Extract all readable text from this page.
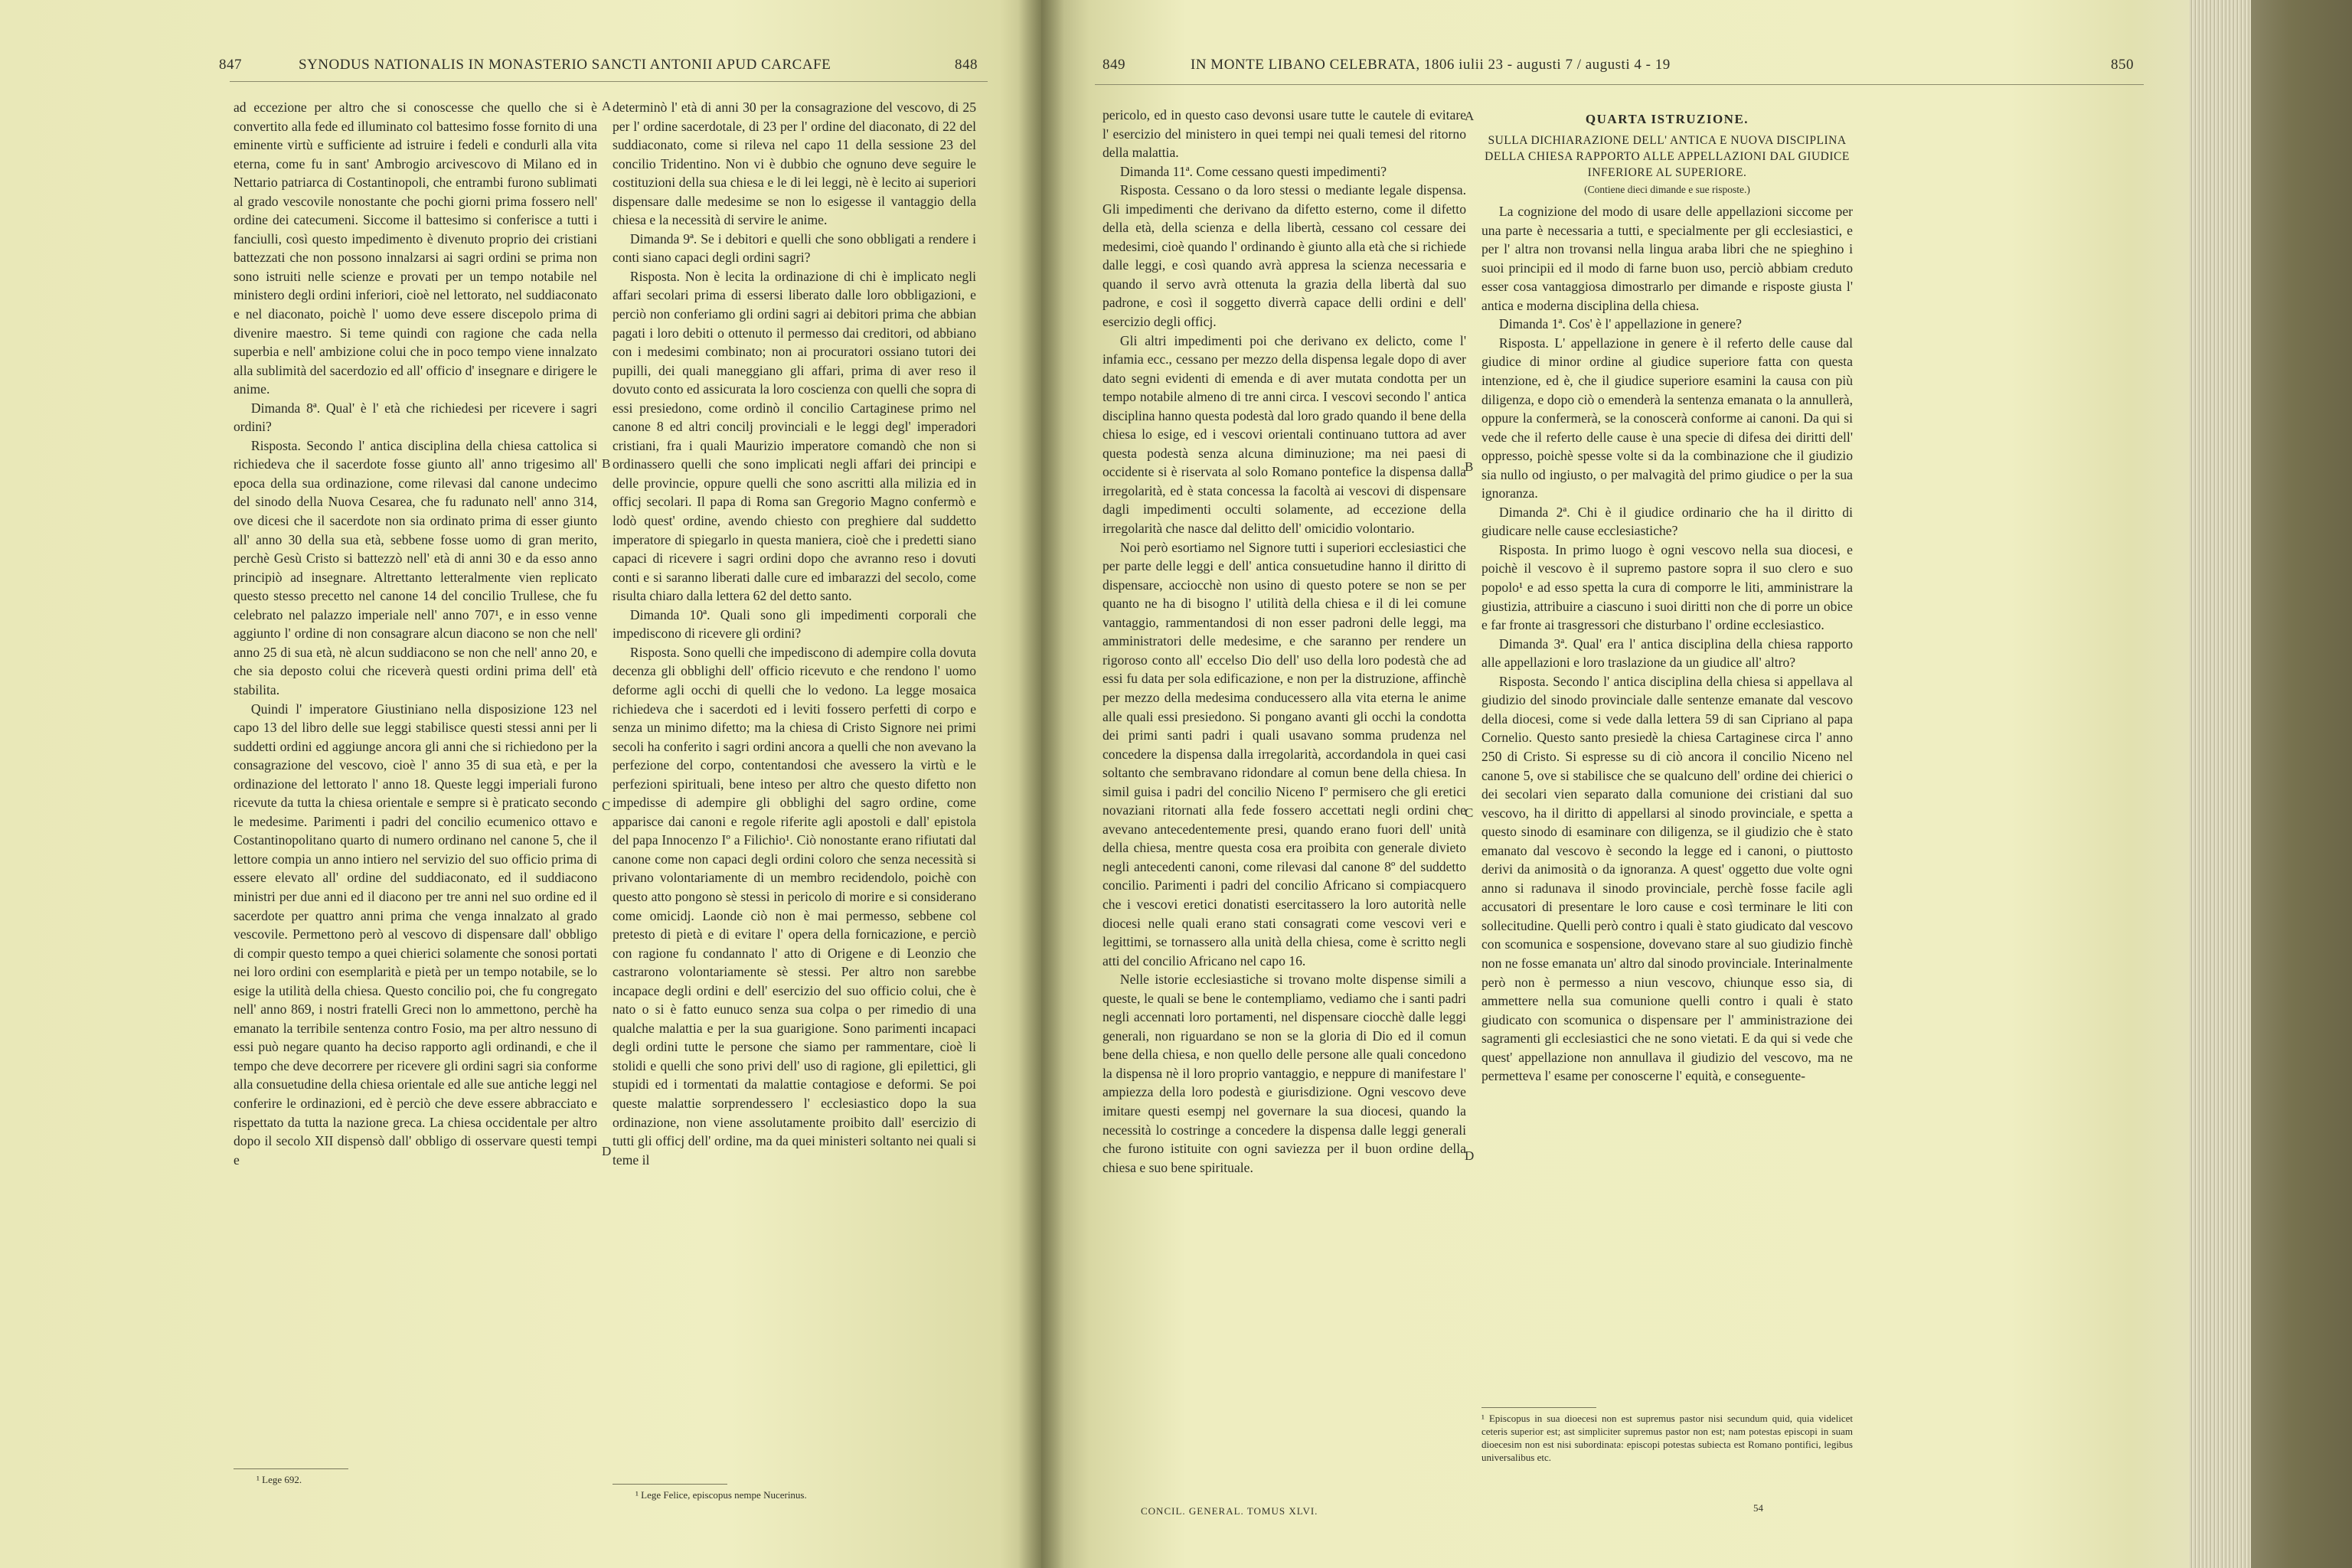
847	SYNODUS NATIONALIS IN MONASTERIO SANCTI ANTONII APUD CARCAFE	848	849	IN MONTE LIBANO CELEBRATA, 1806 iulii 23 - augusti 7 / augusti 4 - 19	850

ad eccezione per altro che si conoscesse che quello che si è convertito alla fede ed illuminato col battesimo fosse fornito di una eminente virtù e sufficiente ad istruire i fedeli e condurli alla vita eterna, come fu in sant' Ambrogio arcivescovo di Milano ed in Nettario patriarca di Costantinopoli, che entrambi furono sublimati al grado vescovile nonostante che pochi giorni prima fossero nell' ordine dei catecumeni. Siccome il battesimo si conferisce a tutti i fanciulli, così questo impedimento è divenuto proprio dei cristiani battezzati che non possono innalzarsi ai sagri ordini se prima non sono istruiti nelle scienze e provati per un tempo notabile nel ministero degli ordini inferiori, cioè nel lettorato, nel suddiaconato e nel diaconato, poichè l' uomo deve essere discepolo prima di divenire maestro. Si teme quindi con ragione che cada nella superbia e nell' ambizione colui che in poco tempo viene innalzato alla sublimità del sacerdozio ed all' officio d' insegnare e dirigere le anime.

Dimanda 8ª. Qual' è l' età che richiedesi per ricevere i sagri ordini?

Risposta. Secondo l' antica disciplina della chiesa cattolica si richiedeva che il sacerdote fosse giunto all' anno trigesimo all' epoca della sua ordinazione, come rilevasi dal canone undecimo del sinodo della Nuova Cesarea, che fu radunato nell' anno 314, ove dicesi che il sacerdote non sia ordinato prima di esser giunto all' anno 30 della sua età, sebbene fosse uomo di gran merito, perchè Gesù Cristo si battezzò nell' età di anni 30 e da esso anno principiò ad insegnare. Altrettanto letteralmente vien replicato questo stesso precetto nel canone 14 del concilio Trullese, che fu celebrato nel palazzo imperiale nell' anno 707¹, e in esso venne aggiunto l' ordine di non consagrare alcun diacono se non che nell' anno 25 di sua età, nè alcun suddiacono se non che nell' anno 20, e che sia deposto colui che riceverà questi ordini prima dell' età stabilita.

Quindi l' imperatore Giustiniano nella disposizione 123 nel capo 13 del libro delle sue leggi stabilisce questi stessi anni per li suddetti ordini ed aggiunge ancora gli anni che si richiedono per la consagrazione del vescovo, cioè l' anno 35 di sua età, e per la ordinazione del lettorato l' anno 18. Queste leggi imperiali furono ricevute da tutta la chiesa orientale e sempre si è praticato secondo le medesime. Parimenti i padri del concilio ecumenico ottavo e Costantinopolitano quarto di numero ordinano nel canone 5, che il lettore compia un anno intiero nel servizio del suo officio prima di essere elevato all' ordine del suddiaconato, ed il suddiacono ministri per due anni ed il diacono per tre anni nel suo ordine ed il sacerdote per quattro anni prima che venga innalzato al grado vescovile. Permettono però al vescovo di dispensare dall' obbligo di compir questo tempo a quei chierici solamente che sonosi portati nei loro ordini con esemplarità e pietà per un tempo notabile, se lo esige la utilità della chiesa. Questo concilio poi, che fu congregato nell' anno 869, i nostri fratelli Greci non lo ammettono, perchè ha emanato la terribile sentenza contro Fosio, ma per altro nessuno di essi può negare quanto ha deciso rapporto agli ordinandi, e che il tempo che deve decorrere per ricevere gli ordini sagri sia conforme alla consuetudine della chiesa orientale ed alle sue antiche leggi nel conferire le ordinazioni, ed è perciò che deve essere abbracciato e rispettato da tutta la nazione greca. La chiesa occidentale per altro dopo il secolo XII dispensò dall' obbligo di osservare questi tempi e

A
B
C
D
¹ Lege 692.

determinò l' età di anni 30 per la consagrazione del vescovo, di 25 per l' ordine sacerdotale, di 23 per l' ordine del diaconato, di 22 del suddiaconato, come si rileva nel capo 11 della sessione 23 del concilio Tridentino. Non vi è dubbio che ognuno deve seguire le costituzioni della sua chiesa e le di lei leggi, nè è lecito ai superiori dispensare dalle medesime se non lo esigesse il vantaggio della chiesa e la necessità di servire le anime.

Dimanda 9ª. Se i debitori e quelli che sono obbligati a rendere i conti siano capaci degli ordini sagri?

Risposta. Non è lecita la ordinazione di chi è implicato negli affari secolari prima di essersi liberato dalle loro obbligazioni, e perciò non conferiamo gli ordini sagri ai debitori prima che abbian pagati i loro debiti o ottenuto il permesso dai creditori, od abbiano con i medesimi combinato; non ai procuratori ossiano tutori dei pupilli, dei quali maneggiano gli affari, prima di aver reso il dovuto conto ed assicurata la loro coscienza con quelli che sopra di essi presiedono, come ordinò il concilio Cartaginese primo nel canone 8 ed altri concilj provinciali e le leggi degl' imperadori cristiani, fra i quali Maurizio imperatore comandò che non si ordinassero quelli che sono implicati negli affari dei principi e delle provincie, oppure quelli che sono ascritti alla milizia ed in officj secolari. Il papa di Roma san Gregorio Magno confermò e lodò quest' ordine, avendo chiesto con preghiere dal suddetto imperatore di spiegarlo in questa maniera, cioè che i predetti siano capaci di ricevere i sagri ordini dopo che avranno reso i dovuti conti e si saranno liberati dalle cure ed imbarazzi del secolo, come risulta chiaro dalla lettera 62 del detto santo.

Dimanda 10ª. Quali sono gli impedimenti corporali che impediscono di ricevere gli ordini?

Risposta. Sono quelli che impediscono di adempire colla dovuta decenza gli obblighi dell' officio ricevuto e che rendono l' uomo deforme agli occhi di quelli che lo vedono. La legge mosaica richiedeva che i sacerdoti ed i leviti fossero perfetti di corpo e senza un minimo difetto; ma la chiesa di Cristo Signore nei primi secoli ha conferito i sagri ordini ancora a quelli che non avevano la perfezione del corpo, contentandosi che avessero la virtù e le perfezioni spirituali, bene inteso per altro che questo difetto non impedisse di adempire gli obblighi del sagro ordine, come apparisce dai canoni e regole riferite agli apostoli e dall' epistola del papa Innocenzo Iº a Filichio¹. Ciò nonostante erano rifiutati dal canone come non capaci degli ordini coloro che senza necessità si privano volontariamente di un membro recidendolo, poichè con questo atto pongono sè stessi in pericolo di morire e si considerano come omicidj. Laonde ciò non è mai permesso, sebbene col pretesto di pietà e di evitare l' opera della fornicazione, e perciò con ragione fu condannato l' atto di Origene e di Leonzio che castrarono volontariamente sè stessi. Per altro non sarebbe incapace degli ordini e dell' esercizio del suo officio colui, che è nato o si è fatto eunuco senza sua colpa o per rimedio di una qualche malattia e per la sua guarigione. Sono parimenti incapaci degli ordini tutte le persone che siamo per rammentare, cioè li stolidi e quelli che sono privi dell' uso di ragione, gli epilettici, gli stupidi ed i tormentati da malattie contagiose e deformi. Se poi queste malattie sorprendessero l' ecclesiastico dopo la sua ordinazione, non viene assolutamente proibito dall' esercizio di tutti gli officj dell' ordine, ma da quei ministeri soltanto nei quali si teme il

¹ Lege Felice, episcopus nempe Nucerinus.

pericolo, ed in questo caso devonsi usare tutte le cautele di evitare l' esercizio del ministero in quei tempi nei quali temesi del ritorno della malattia.

Dimanda 11ª. Come cessano questi impedimenti?

Risposta. Cessano o da loro stessi o mediante legale dispensa. Gli impedimenti che derivano da difetto esterno, come il difetto della età, della scienza e della libertà, cessano col cessare dei medesimi, cioè quando l' ordinando è giunto alla età che si richiede dalle leggi, e così quando avrà appresa la scienza necessaria e quando il servo avrà ottenuta la grazia della libertà dal suo padrone, e così il soggetto diverrà capace delli ordini e dell' esercizio degli officj.

Gli altri impedimenti poi che derivano ex delicto, come l' infamia ecc., cessano per mezzo della dispensa legale dopo di aver dato segni evidenti di emenda e di aver mutata condotta per un tempo notabile almeno di tre anni circa. I vescovi secondo l' antica disciplina hanno questa podestà dal loro grado quando il bene della chiesa lo esige, ed i vescovi orientali continuano tuttora ad aver questa podestà senza alcuna diminuzione; ma nei paesi di occidente si è riservata al solo Romano pontefice la dispensa dalla irregolarità, ed è stata concessa la facoltà ai vescovi di dispensare dagli impedimenti occulti solamente, ad eccezione della irregolarità che nasce dal delitto dell' omicidio volontario.

Noi però esortiamo nel Signore tutti i superiori ecclesiastici che per parte delle leggi e dell' antica consuetudine hanno il diritto di dispensare, acciocchè non usino di questo potere se non se per quanto ne ha di bisogno l' utilità della chiesa e il di lei comune vantaggio, rammentandosi di non esser padroni delle leggi, ma amministratori delle medesime, e che saranno per rendere un rigoroso conto all' eccelso Dio dell' uso della loro podestà che ad essi fu data per sola edificazione, e non per la distruzione, affinchè per mezzo della medesima conducessero alla vita eterna le anime alle quali essi presiedono. Si pongano avanti gli occhi la condotta dei primi santi padri i quali usavano somma prudenza nel concedere la dispensa dalla irregolarità, accordandola in quei casi soltanto che sembravano ridondare al comun bene della chiesa. In simil guisa i padri del concilio Niceno Iº permisero che gli eretici novaziani ritornati alla fede fossero accettati negli ordini che avevano antecedentemente presi, quando erano fuori dell' unità della chiesa, mentre questa cosa era proibita con generale divieto negli antecedenti canoni, come rilevasi dal canone 8º del suddetto concilio. Parimenti i padri del concilio Africano si compiacquero che i vescovi eretici donatisti esercitassero la loro autorità nelle diocesi nelle quali erano stati consagrati come vescovi veri e legittimi, se tornassero alla unità della chiesa, come è scritto negli atti del concilio Africano nel capo 16.

Nelle istorie ecclesiastiche si trovano molte dispense simili a queste, le quali se bene le contempliamo, vediamo che i santi padri negli accennati loro portamenti, nel dispensare ciocchè dalle leggi generali, non riguardano se non se la gloria di Dio ed il comun bene della chiesa, e non quello delle persone alle quali concedono la dispensa nè il loro proprio vantaggio, e neppure di manifestare l' ampiezza della loro podestà e giurisdizione. Ogni vescovo deve imitare questi esempj nel governare la sua diocesi, quando la necessità lo costringe a concedere la dispensa dalle leggi generali che furono istituite con ogni saviezza per il buon ordine della chiesa e suo bene spirituale.

A
B
C
D
CONCIL. GENERAL. TOMUS XLVI.

QUARTA ISTRUZIONE.

SULLA DICHIARAZIONE DELL' ANTICA E NUOVA DISCIPLINA DELLA CHIESA RAPPORTO ALLE APPELLAZIONI DAL GIUDICE INFERIORE AL SUPERIORE.

(Contiene dieci dimande e sue risposte.)

La cognizione del modo di usare delle appellazioni siccome per una parte è necessaria a tutti, e specialmente per gli ecclesiastici, e per l' altra non trovansi nella lingua araba libri che ne spieghino i suoi principii ed il modo di farne buon uso, perciò abbiam creduto esser cosa vantaggiosa dimostrarlo per dimande e risposte giusta l' antica e moderna disciplina della chiesa.

Dimanda 1ª. Cos' è l' appellazione in genere?

Risposta. L' appellazione in genere è il referto delle cause dal giudice di minor ordine al giudice superiore fatta con questa intenzione, ed è, che il giudice superiore esamini la causa con più diligenza, e dopo ciò o emenderà la sentenza emanata o la annullerà, oppure la confermerà, se la conoscerà conforme ai canoni. Da qui si vede che il referto delle cause è una specie di difesa dei diritti dell' oppresso, poichè spesse volte si da la combinazione che il giudizio sia nullo od ingiusto, o per malvagità del primo giudice o per la sua ignoranza.

Dimanda 2ª. Chi è il giudice ordinario che ha il diritto di giudicare nelle cause ecclesiastiche?

Risposta. In primo luogo è ogni vescovo nella sua diocesi, e poichè il vescovo è il supremo pastore sopra il suo clero e suo popolo¹ e ad esso spetta la cura di comporre le liti, amministrare la giustizia, attribuire a ciascuno i suoi diritti non che di porre un obice e far fronte ai trasgressori che disturbano l' ordine ecclesiastico.

Dimanda 3ª. Qual' era l' antica disciplina della chiesa rapporto alle appellazioni e loro traslazione da un giudice all' altro?

Risposta. Secondo l' antica disciplina della chiesa si appellava al giudizio del sinodo provinciale dalle sentenze emanate dal vescovo della diocesi, come si vede dalla lettera 59 di san Cipriano al papa Cornelio. Questo santo presiedè la chiesa Cartaginese circa l' anno 250 di Cristo. Si espresse su di ciò ancora il concilio Niceno nel canone 5, ove si stabilisce che se qualcuno dell' ordine dei chierici o dei secolari vien separato dalla comunione dei cristiani dal suo vescovo, ha il diritto di appellarsi al sinodo provinciale, e spetta a questo sinodo di esaminare con diligenza, se il giudizio che è stato emanato dal vescovo è secondo la legge ed i canoni, o piuttosto derivi da animosità o da ignoranza. A quest' oggetto due volte ogni anno si radunava il sinodo provinciale, perchè fosse facile agli accusatori di presentare le loro cause e così terminare le liti con sollecitudine. Quelli però contro i quali è stato giudicato dal vescovo con scomunica e sospensione, dovevano stare al suo giudizio finchè non ne fosse emanata un' altro dal sinodo provinciale. Interinalmente però non è permesso a niun vescovo, chiunque esso sia, di ammettere nella sua comunione quelli contro i quali è stato giudicato con scomunica o dispensare per l' amministrazione dei sagramenti gli ecclesiastici che ne sono vietati. E da qui si vede che quest' appellazione non annullava il giudizio del vescovo, ma ne permetteva l' esame per conoscerne l' equità, e conseguente-

¹ Episcopus in sua dioecesi non est supremus pastor nisi secundum quid, quia videlicet ceteris superior est; ast simpliciter supremus pastor non est; nam potestas episcopi in suam dioecesim non est nisi subordinata: episcopi potestas subiecta est Romano pontifici, legibus universalibus etc.
54
